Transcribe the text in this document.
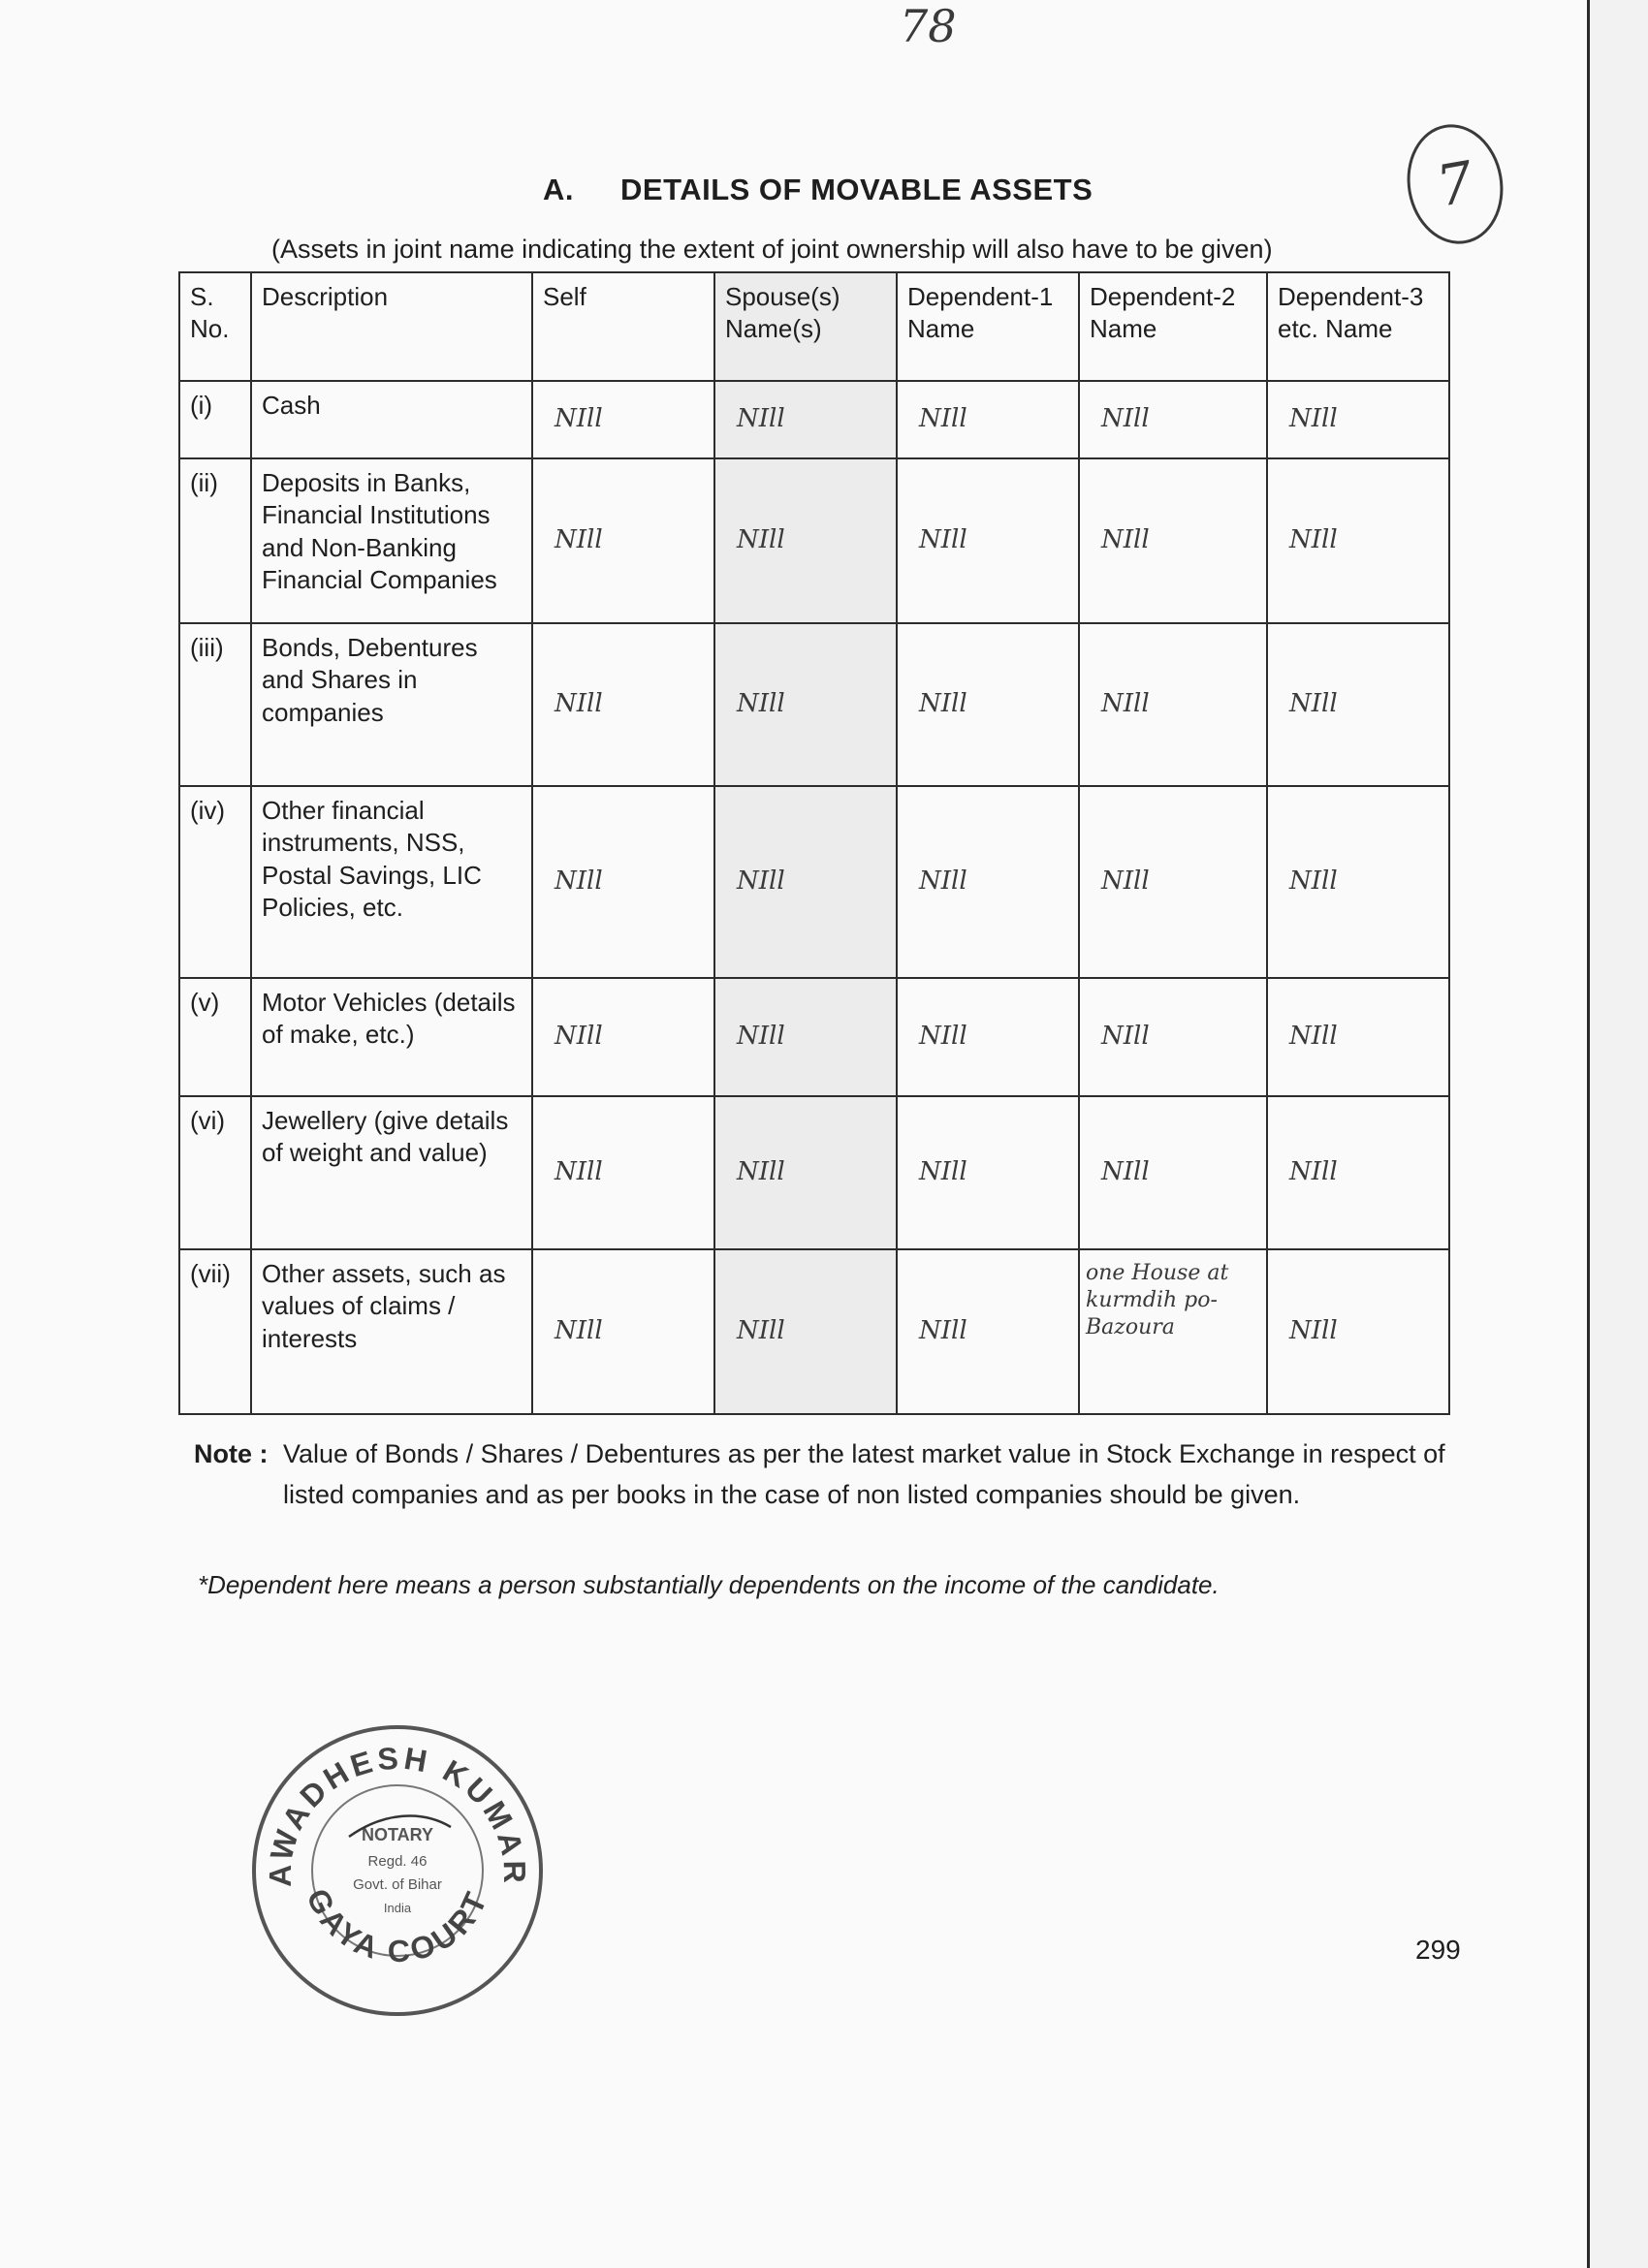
78
7
A. DETAILS OF MOVABLE ASSETS
(Assets in joint name indicating the extent of joint ownership will also have to be given)
S. No.	Description	Self	Spouse(s) Name(s)	Dependent-1 Name	Dependent-2 Name	Dependent-3 etc. Name
(i)	Cash	NIll	NIll	NIll	NIll	NIll
(ii)	Deposits in Banks, Financial Institutions and Non-Banking Financial Companies	NIll	NIll	NIll	NIll	NIll
(iii)	Bonds, Debentures and Shares in companies	NIll	NIll	NIll	NIll	NIll
(iv)	Other financial instruments, NSS, Postal Savings, LIC Policies, etc.	NIll	NIll	NIll	NIll	NIll
(v)	Motor Vehicles (details of make, etc.)	NIll	NIll	NIll	NIll	NIll
(vi)	Jewellery (give details of weight and value)	NIll	NIll	NIll	NIll	NIll
(vii)	Other assets, such as values of claims / interests	NIll	NIll	NIll	one House at kurmdih po-Bazoura	NIll
Note : Value of Bonds / Shares / Debentures as per the latest market value in Stock Exchange in respect of listed companies and as per books in the case of non listed companies should be given.
*Dependent here means a person substantially dependents on the income of the candidate.
AWADHESH KUMAR
GAYA COURT
NOTARY
Regd. 46
Govt. of Bihar
India
299
